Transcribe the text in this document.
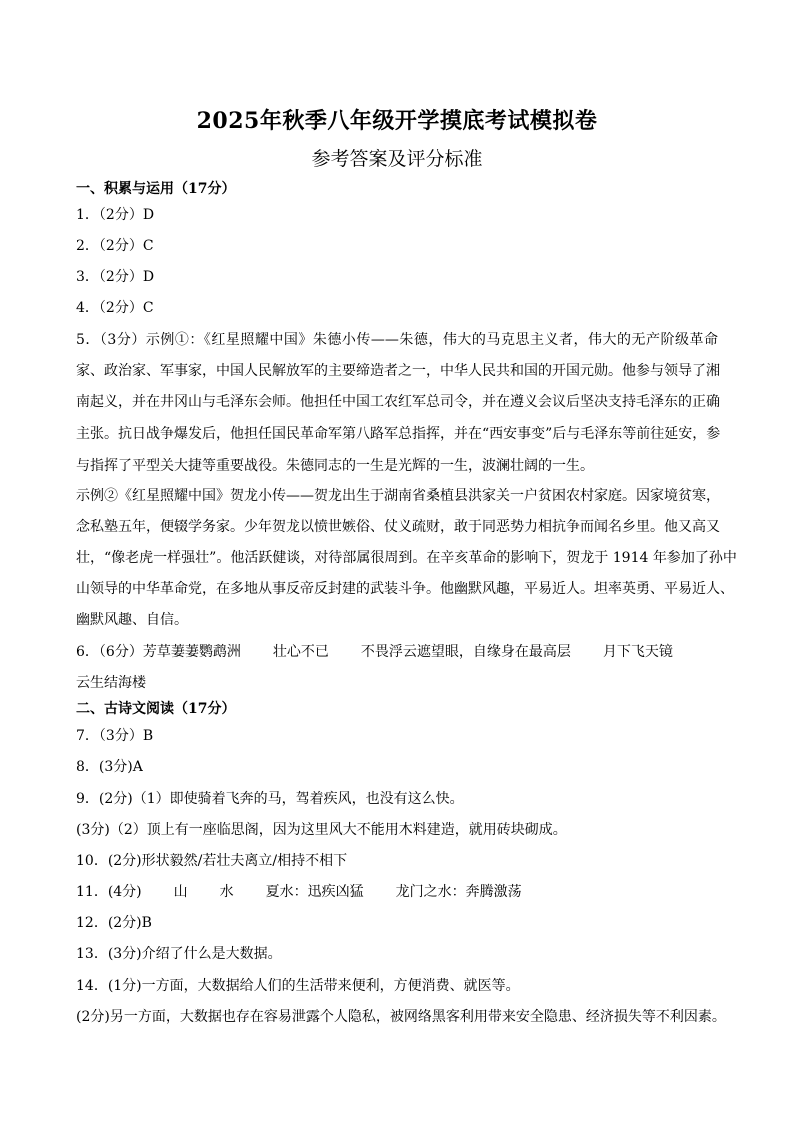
2025年秋季八年级开学摸底考试模拟卷
参考答案及评分标准
一、积累与运用（17分）
1．（2分）D
2．（2分）C
3．（2分）D
4．（2分）C
5．（3分）示例①：《红星照耀中国》朱德小传——朱德，伟大的马克思主义者，伟大的无产阶级革命
家、政治家、军事家，中国人民解放军的主要缔造者之一，中华人民共和国的开国元勋。他参与领导了湘
南起义，并在井冈山与毛泽东会师。他担任中国工农红军总司令，并在遵义会议后坚决支持毛泽东的正确
主张。抗日战争爆发后，他担任国民革命军第八路军总指挥，并在“西安事变”后与毛泽东等前往延安，参
与指挥了平型关大捷等重要战役。朱德同志的一生是光辉的一生，波澜壮阔的一生。
示例②《红星照耀中国》贺龙小传——贺龙出生于湖南省桑植县洪家关一户贫困农村家庭。因家境贫寒，
念私塾五年，便辍学务家。少年贺龙以愤世嫉俗、仗义疏财，敢于同恶势力相抗争而闻名乡里。他又高又
壮，“像老虎一样强壮”。他活跃健谈，对待部属很周到。在辛亥革命的影响下，贺龙于 1914 年参加了孙中
山领导的中华革命党，在多地从事反帝反封建的武装斗争。他幽默风趣，平易近人。坦率英勇、平易近人、
幽默风趣、自信。
6．（6分）芳草萋萋鹦鹉洲 壮心不已 不畏浮云遮望眼，自缘身在最高层 月下飞天镜
云生结海楼
二、古诗文阅读（17分）
7．（3分）B
8．(3分)A
9．(2分)（1）即使骑着飞奔的马，驾着疾风，也没有这么快。
(3分)（2）顶上有一座临思阁，因为这里风大不能用木料建造，就用砖块砌成。
10．(2分)形状毅然/若壮夫离立/相持不相下
11．(4分) 山 水 夏水：迅疾凶猛 龙门之水：奔腾激荡
12．(2分)B
13．(3分)介绍了什么是大数据。
14．(1分)一方面，大数据给人们的生活带来便利，方便消费、就医等。
(2分)另一方面，大数据也存在容易泄露个人隐私，被网络黑客利用带来安全隐患、经济损失等不利因素。
